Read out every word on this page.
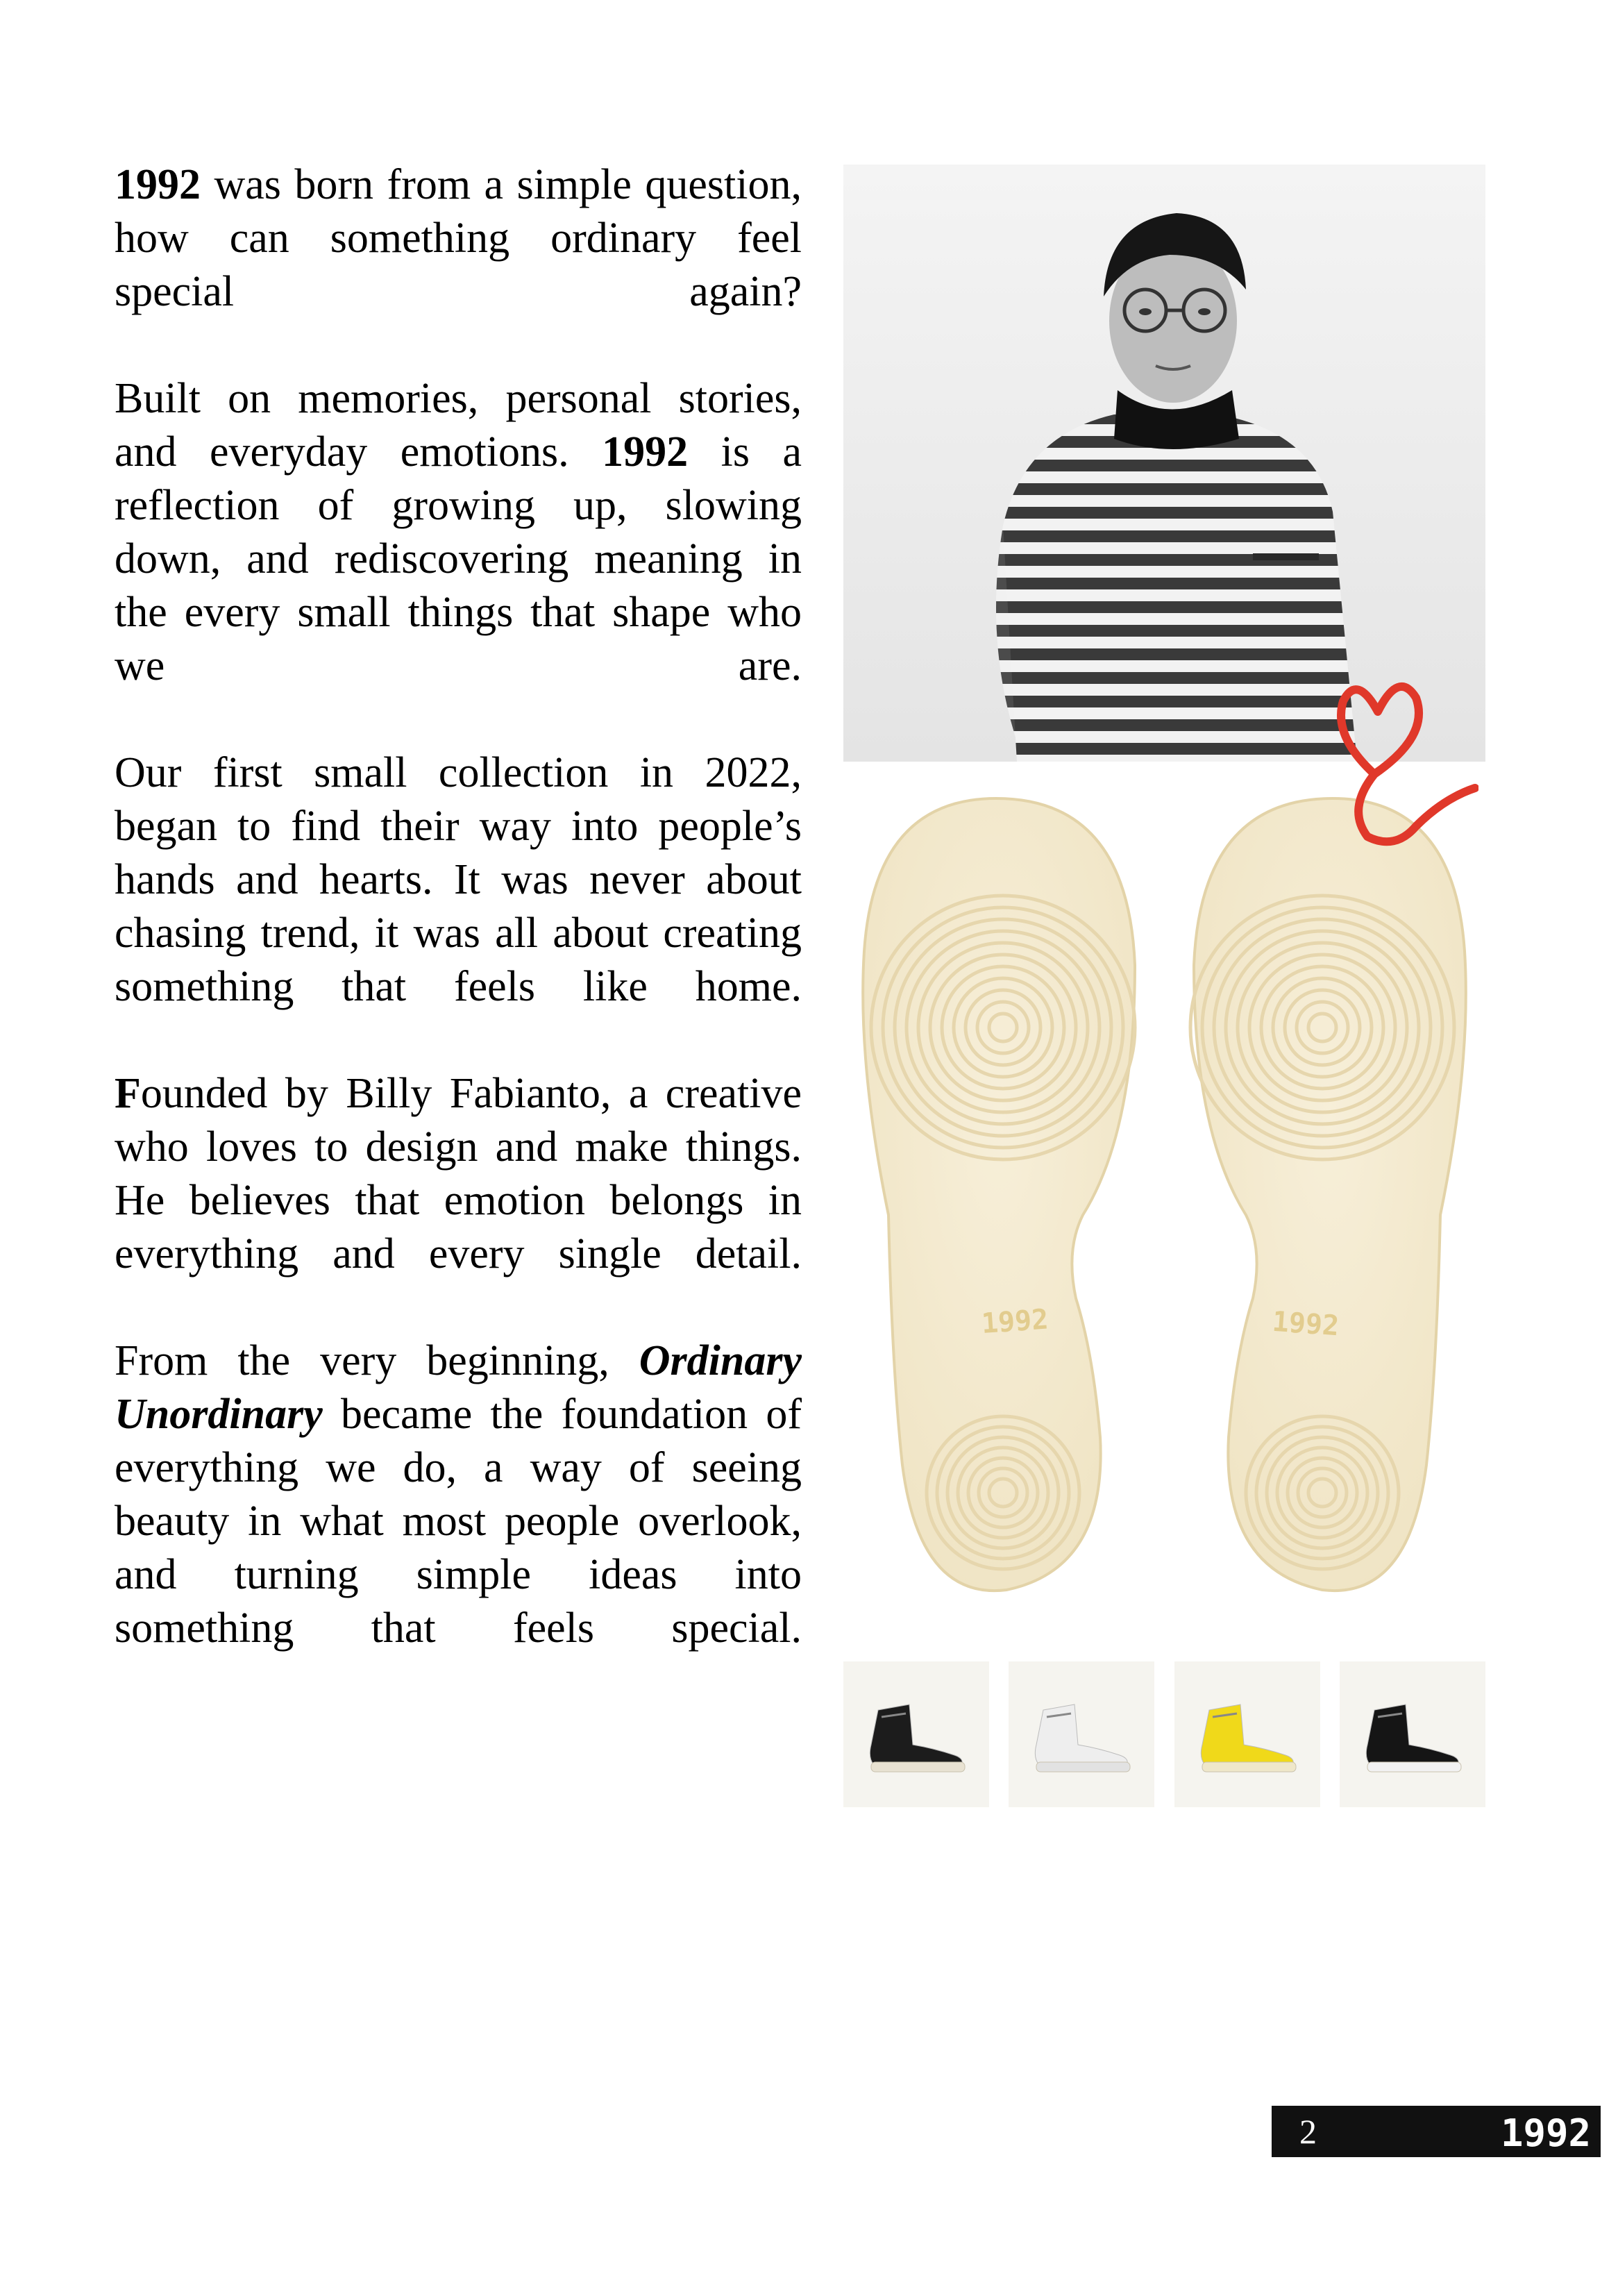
1992 was born from a simple question, how can something ordinary feel special again?

Built on memories, personal stories, and everyday emotions. 1992 is a reflection of growing up, slowing down, and rediscovering meaning in the every small things that shape who we are.

Our first small collection in 2022, began to find their way into people’s hands and hearts. It was never about chasing trend, it was all about creating something that feels like home.

Founded by Billy Fabianto, a creative who loves to design and make things. He believes that emotion belongs in everything and every single detail.

From the very beginning, Ordinary Unordinary became the foundation of everything we do, a way of seeing beauty in what most people overlook, and turning simple ideas into something that feels special.

1992	1992
2	1992
